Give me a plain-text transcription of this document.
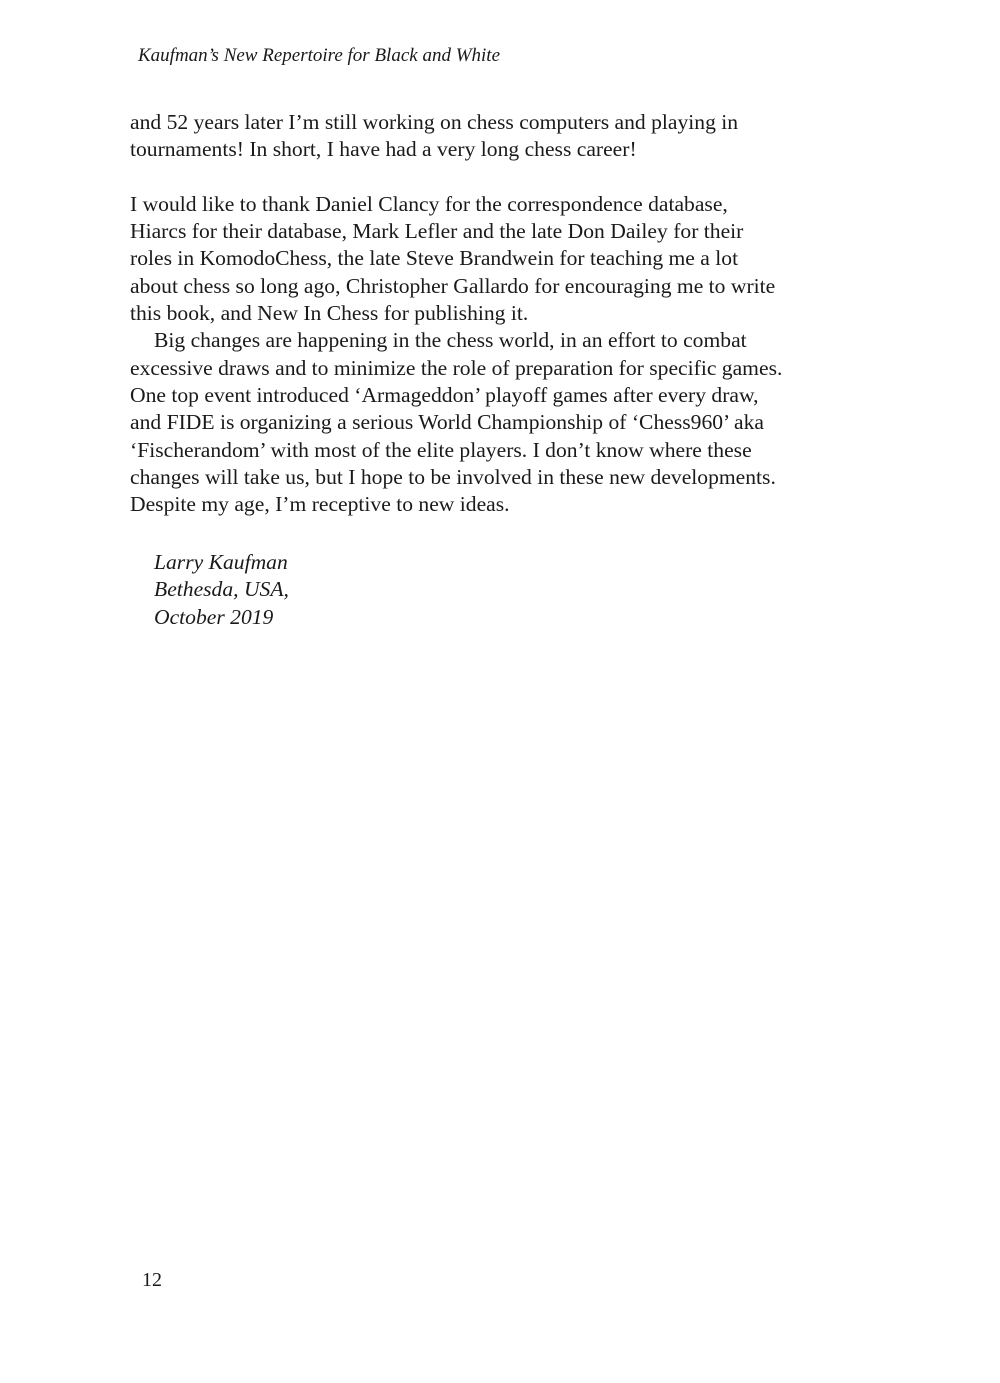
Kaufman’s New Repertoire for Black and White
and 52 years later I’m still working on chess computers and playing in
tournaments! In short, I have had a very long chess career!
I would like to thank Daniel Clancy for the correspondence database,
Hiarcs for their database, Mark Lefler and the late Don Dailey for their
roles in KomodoChess, the late Steve Brandwein for teaching me a lot
about chess so long ago, Christopher Gallardo for encouraging me to write
this book, and New In Chess for publishing it.
Big changes are happening in the chess world, in an effort to combat
excessive draws and to minimize the role of preparation for specific games.
One top event introduced ‘Armageddon’ playoff games after every draw,
and FIDE is organizing a serious World Championship of ‘Chess960’ aka
‘Fischerandom’ with most of the elite players. I don’t know where these
changes will take us, but I hope to be involved in these new developments.
Despite my age, I’m receptive to new ideas.
Larry Kaufman
Bethesda, USA,
October 2019
12
